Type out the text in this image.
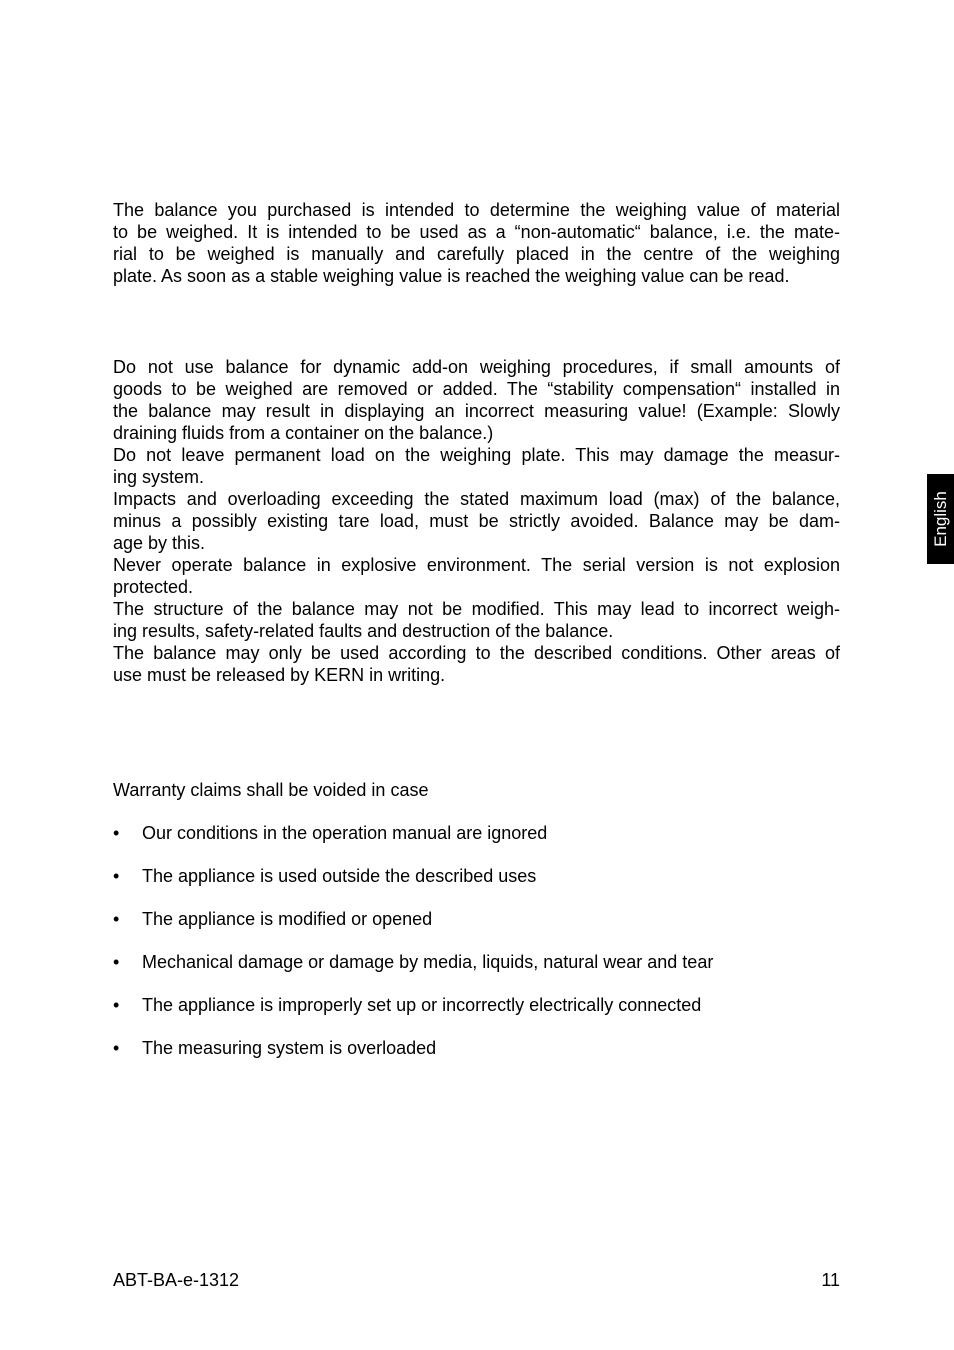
The balance you purchased is intended to determine the weighing value of material
to be weighed. It is intended to be used as a “non-automatic“ balance, i.e. the mate-
rial to be weighed is manually and carefully placed in the centre of the weighing
plate. As soon as a stable weighing value is reached the weighing value can be read.
Do not use balance for dynamic add-on weighing procedures, if small amounts of
goods to be weighed are removed or added. The “stability compensation“ installed in
the balance may result in displaying an incorrect measuring value! (Example: Slowly
draining fluids from a container on the balance.)
Do not leave permanent load on the weighing plate. This may damage the measur-
ing system.
Impacts and overloading exceeding the stated maximum load (max) of the balance,
minus a possibly existing tare load, must be strictly avoided. Balance may be dam-
age by this.
Never operate balance in explosive environment. The serial version is not explosion
protected.
The structure of the balance may not be modified. This may lead to incorrect weigh-
ing results, safety-related faults and destruction of the balance.
The balance may only be used according to the described conditions. Other areas of
use must be released by KERN in writing.

Warranty claims shall be voided in case

•	Our conditions in the operation manual are ignored
•	The appliance is used outside the described uses
•	The appliance is modified or opened
•	Mechanical damage or damage by media, liquids, natural wear and tear
•	The appliance is improperly set up or incorrectly electrically connected
•	The measuring system is overloaded
English
ABT-BA-e-1312	11
